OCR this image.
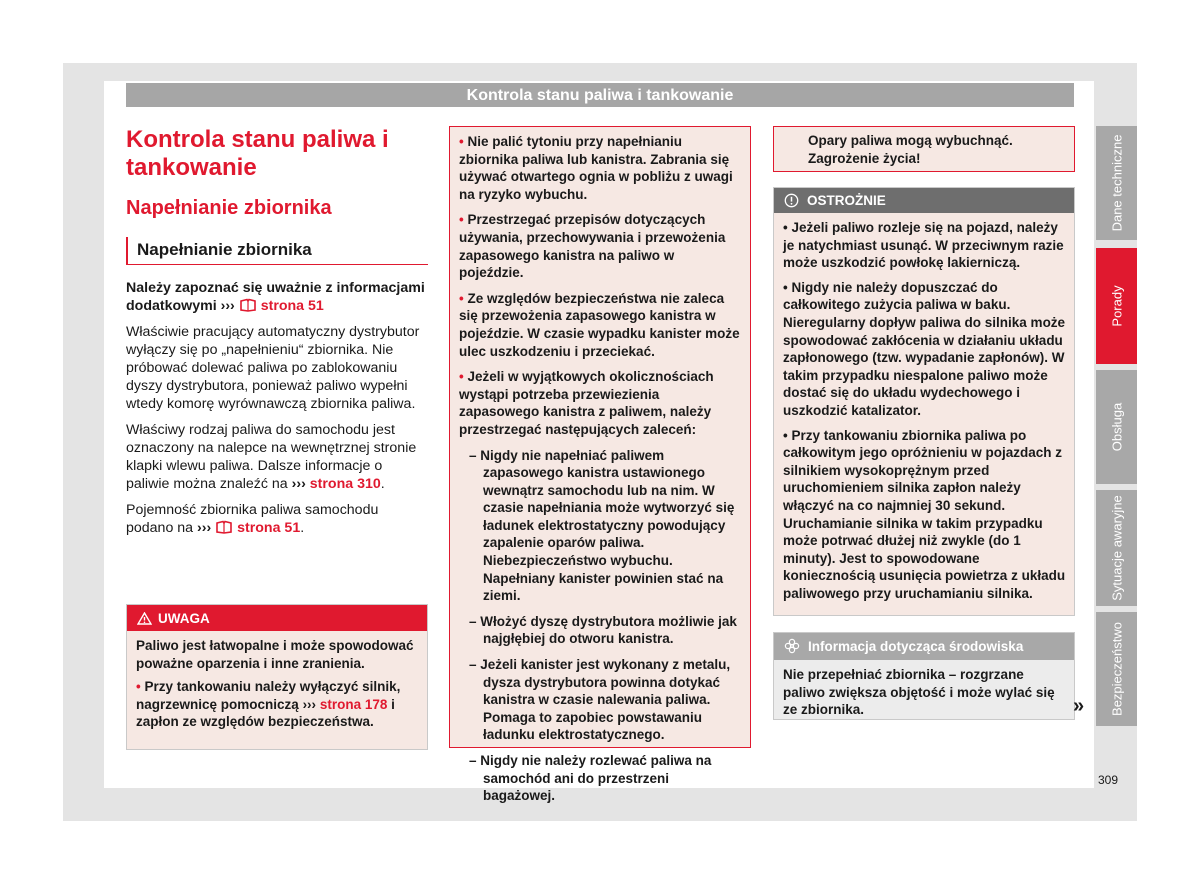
Kontrola stanu paliwa i tankowanie
Kontrola stanu paliwa i tankowanie
Napełnianie zbiornika
Napełnianie zbiornika

Należy zapoznać się uważnie z informacjami dodatkowymi ››› strona 51

Właściwie pracujący automatyczny dystrybutor wyłączy się po „napełnieniu“ zbiornika. Nie próbować dolewać paliwa po zablokowaniu dyszy dystrybutora, ponieważ paliwo wypełni wtedy komorę wyrównawczą zbiornika paliwa.

Właściwy rodzaj paliwa do samochodu jest oznaczony na nalepce na wewnętrznej stronie klapki wlewu paliwa. Dalsze informacje o paliwie można znaleźć na ››› strona 310.

Pojemność zbiornika paliwa samochodu podano na ››› strona 51.

UWAGA

Paliwo jest łatwopalne i może spowodować poważne oparzenia i inne zranienia.

• Przy tankowaniu należy wyłączyć silnik, nagrzewnicę pomocniczą ››› strona 178 i zapłon ze względów bezpieczeństwa.

• Nie palić tytoniu przy napełnianiu zbiornika paliwa lub kanistra. Zabrania się używać otwartego ognia w pobliżu z uwagi na ryzyko wybuchu.

• Przestrzegać przepisów dotyczących używania, przechowywania i przewożenia zapasowego kanistra na paliwo w pojeździe.

• Ze względów bezpieczeństwa nie zaleca się przewożenia zapasowego kanistra w pojeździe. W czasie wypadku kanister może ulec uszkodzeniu i przeciekać.

• Jeżeli w wyjątkowych okolicznościach wystąpi potrzeba przewiezienia zapasowego kanistra z paliwem, należy przestrzegać następujących zaleceń:

– Nigdy nie napełniać paliwem zapasowego kanistra ustawionego wewnątrz samochodu lub na nim. W czasie napełniania może wytworzyć się ładunek elektrostatyczny powodujący zapalenie oparów paliwa. Niebezpieczeństwo wybuchu. Napełniany kanister powinien stać na ziemi.

– Włożyć dyszę dystrybutora możliwie jak najgłębiej do otworu kanistra.

– Jeżeli kanister jest wykonany z metalu, dysza dystrybutora powinna dotykać kanistra w czasie nalewania paliwa. Pomaga to zapobiec powstawaniu ładunku elektrostatycznego.

– Nigdy nie należy rozlewać paliwa na samochód ani do przestrzeni bagażowej.

Opary paliwa mogą wybuchnąć. Zagrożenie życia!
OSTROŻNIE

• Jeżeli paliwo rozleje się na pojazd, należy je natychmiast usunąć. W przeciwnym razie może uszkodzić powłokę lakierniczą.

• Nigdy nie należy dopuszczać do całkowitego zużycia paliwa w baku. Nieregularny dopływ paliwa do silnika może spowodować zakłócenia w działaniu układu zapłonowego (tzw. wypadanie zapłonów). W takim przypadku niespalone paliwo może dostać się do układu wydechowego i uszkodzić katalizator.

• Przy tankowaniu zbiornika paliwa po całkowitym jego opróżnieniu w pojazdach z silnikiem wysokoprężnym przed uruchomieniem silnika zapłon należy włączyć na co najmniej 30 sekund. Uruchamianie silnika w takim przypadku może potrwać dłużej niż zwykle (do 1 minuty). Jest to spowodowane koniecznością usunięcia powietrza z układu paliwowego przy uruchamianiu silnika.

Informacja dotycząca środowiska
Nie przepełniać zbiornika – rozgrzane paliwo zwiększa objętość i może wylać się ze zbiornika.	»
Dane techniczne
Porady
Obsługa
Sytuacje awaryjne
Bezpieczeństwo
309
